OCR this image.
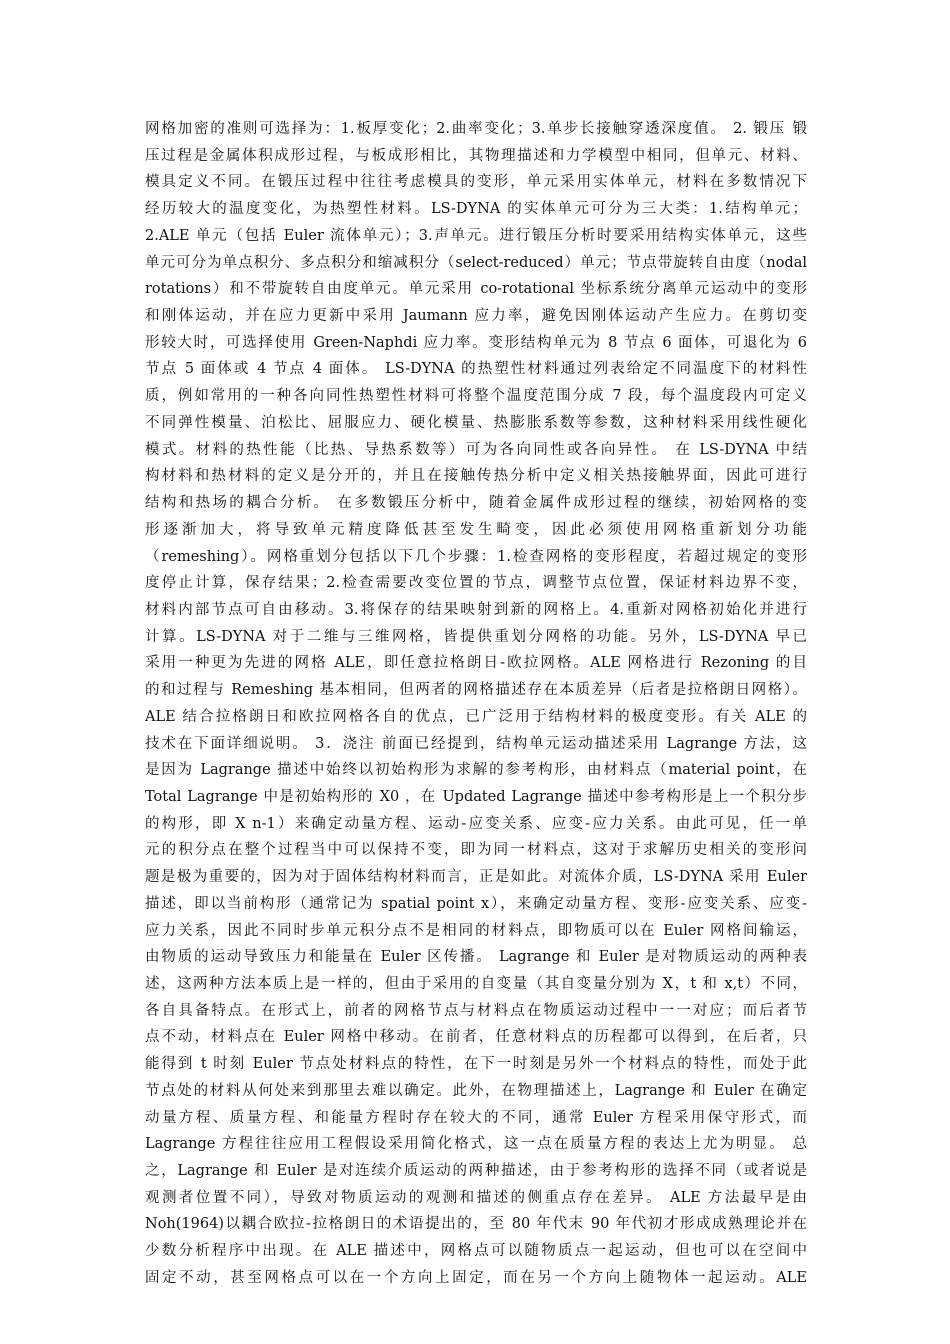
网格加密的准则可选择为：1.板厚变化；2.曲率变化；3.单步长接触穿透深度值。 2. 锻压 锻
压过程是金属体积成形过程，与板成形相比，其物理描述和力学模型中相同，但单元、材料、
模具定义不同。在锻压过程中往往考虑模具的变形，单元采用实体单元，材料在多数情况下
经历较大的温度变化，为热塑性材料。LS-DYNA 的实体单元可分为三大类：1.结构单元；
2.ALE 单元（包括 Euler 流体单元）；3.声单元。进行锻压分析时要采用结构实体单元，这些
单元可分为单点积分、多点积分和缩减积分（select-reduced）单元；节点带旋转自由度（nodal
rotations）和不带旋转自由度单元。单元采用 co-rotational 坐标系统分离单元运动中的变形
和刚体运动，并在应力更新中采用 Jaumann 应力率，避免因刚体运动产生应力。在剪切变
形较大时，可选择使用 Green-Naphdi 应力率。变形结构单元为 8 节点 6 面体，可退化为 6
节点 5 面体或 4 节点 4 面体。 LS-DYNA 的热塑性材料通过列表给定不同温度下的材料性
质，例如常用的一种各向同性热塑性材料可将整个温度范围分成 7 段，每个温度段内可定义
不同弹性模量、泊松比、屈服应力、硬化模量、热膨胀系数等参数，这种材料采用线性硬化
模式。材料的热性能（比热、导热系数等）可为各向同性或各向异性。 在 LS-DYNA 中结
构材料和热材料的定义是分开的，并且在接触传热分析中定义相关热接触界面，因此可进行
结构和热场的耦合分析。 在多数锻压分析中，随着金属件成形过程的继续，初始网格的变
形逐渐加大，将导致单元精度降低甚至发生畸变，因此必须使用网格重新划分功能
（remeshing）。网格重划分包括以下几个步骤：1.检查网格的变形程度，若超过规定的变形
度停止计算，保存结果；2.检查需要改变位置的节点，调整节点位置，保证材料边界不变，
材料内部节点可自由移动。3.将保存的结果映射到新的网格上。4.重新对网格初始化并进行
计算。LS-DYNA 对于二维与三维网格，皆提供重划分网格的功能。另外，LS-DYNA 早已
采用一种更为先进的网格 ALE，即任意拉格朗日-欧拉网格。ALE 网格进行 Rezoning 的目
的和过程与 Remeshing 基本相同，但两者的网格描述存在本质差异（后者是拉格朗日网格）。
ALE 结合拉格朗日和欧拉网格各自的优点，已广泛用于结构材料的极度变形。有关 ALE 的
技术在下面详细说明。 3．浇注 前面已经提到，结构单元运动描述采用 Lagrange 方法，这
是因为 Lagrange 描述中始终以初始构形为求解的参考构形，由材料点（material point，在
Total Lagrange 中是初始构形的 X0 ，在 Updated Lagrange 描述中参考构形是上一个积分步
的构形，即 X n-1）来确定动量方程、运动-应变关系、应变-应力关系。由此可见，任一单
元的积分点在整个过程当中可以保持不变，即为同一材料点，这对于求解历史相关的变形问
题是极为重要的，因为对于固体结构材料而言，正是如此。对流体介质，LS-DYNA 采用 Euler
描述，即以当前构形（通常记为 spatial point x），来确定动量方程、变形-应变关系、应变-
应力关系，因此不同时步单元积分点不是相同的材料点，即物质可以在 Euler 网格间输运，
由物质的运动导致压力和能量在 Euler 区传播。 Lagrange 和 Euler 是对物质运动的两种表
述，这两种方法本质上是一样的，但由于采用的自变量（其自变量分别为 X，t 和 x,t）不同，
各自具备特点。在形式上，前者的网格节点与材料点在物质运动过程中一一对应；而后者节
点不动，材料点在 Euler 网格中移动。在前者，任意材料点的历程都可以得到，在后者，只
能得到 t 时刻 Euler 节点处材料点的特性，在下一时刻是另外一个材料点的特性，而处于此
节点处的材料从何处来到那里去难以确定。此外，在物理描述上，Lagrange 和 Euler 在确定
动量方程、质量方程、和能量方程时存在较大的不同，通常 Euler 方程采用保守形式，而
Lagrange 方程往往应用工程假设采用简化格式，这一点在质量方程的表达上尤为明显。 总
之，Lagrange 和 Euler 是对连续介质运动的两种描述，由于参考构形的选择不同（或者说是
观测者位置不同），导致对物质运动的观测和描述的侧重点存在差异。 ALE 方法最早是由
Noh(1964)以耦合欧拉-拉格朗日的术语提出的，至 80 年代末 90 年代初才形成成熟理论并在
少数分析程序中出现。在 ALE 描述中，网格点可以随物质点一起运动，但也可以在空间中
固定不动，甚至网格点可以在一个方向上固定，而在另一个方向上随物体一起运动。ALE
